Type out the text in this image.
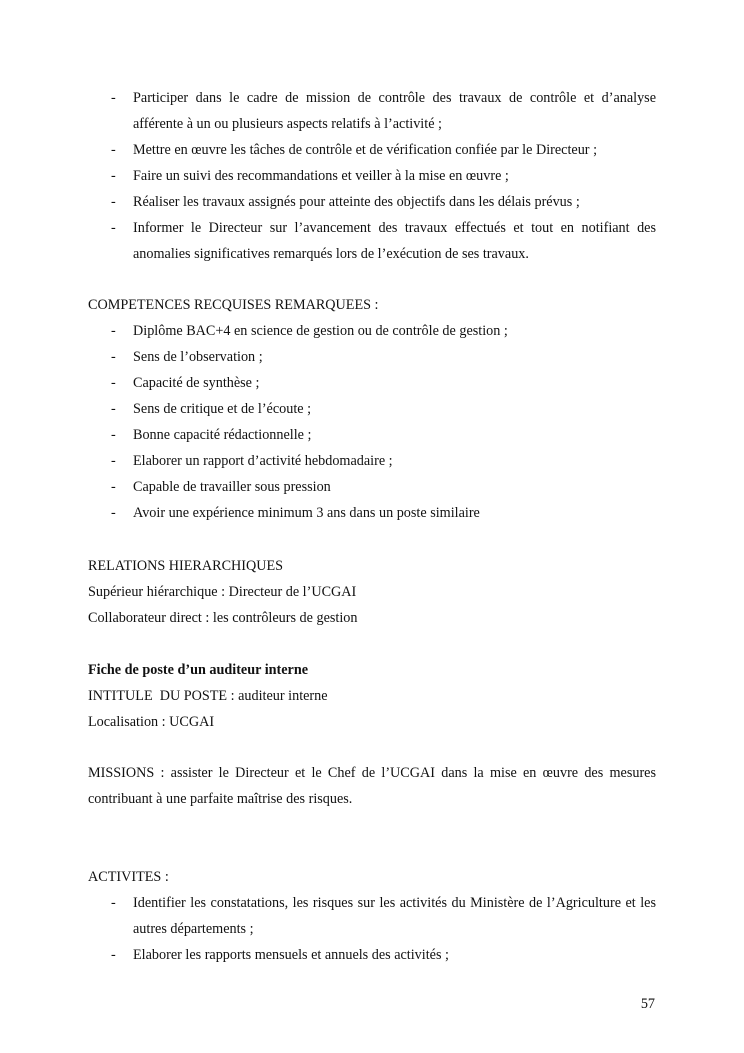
- Participer dans le cadre de mission de contrôle des travaux de contrôle et d’analyse afférente à un ou plusieurs aspects relatifs à l’activité ;
- Mettre en œuvre les tâches de contrôle et de vérification confiée par le Directeur ;
- Faire un suivi des recommandations et veiller à la mise en œuvre ;
- Réaliser les travaux assignés pour atteinte des objectifs dans les délais prévus ;
- Informer le Directeur sur l’avancement des travaux effectués et tout en notifiant des anomalies significatives remarqués lors de l’exécution de ses travaux.

COMPETENCES RECQUISES REMARQUEES :

- Diplôme BAC+4 en science de gestion ou de contrôle de gestion ;
- Sens de l’observation ;
- Capacité de synthèse ;
- Sens de critique et de l’écoute ;
- Bonne capacité rédactionnelle ;
- Elaborer un rapport d’activité hebdomadaire ;
- Capable de travailler sous pression
- Avoir une expérience minimum 3 ans dans un poste similaire

RELATIONS HIERARCHIQUES

Supérieur hiérarchique : Directeur de l’UCGAI

Collaborateur direct : les contrôleurs de gestion

Fiche de poste d’un auditeur interne

INTITULE  DU POSTE : auditeur interne

Localisation : UCGAI

MISSIONS : assister le Directeur et le Chef de l’UCGAI dans la mise en œuvre des mesures contribuant à une parfaite maîtrise des risques.

ACTIVITES :

- Identifier les constatations, les risques sur les activités du Ministère de l’Agriculture et les autres départements ;
- Elaborer les rapports mensuels et annuels des activités ;
57
